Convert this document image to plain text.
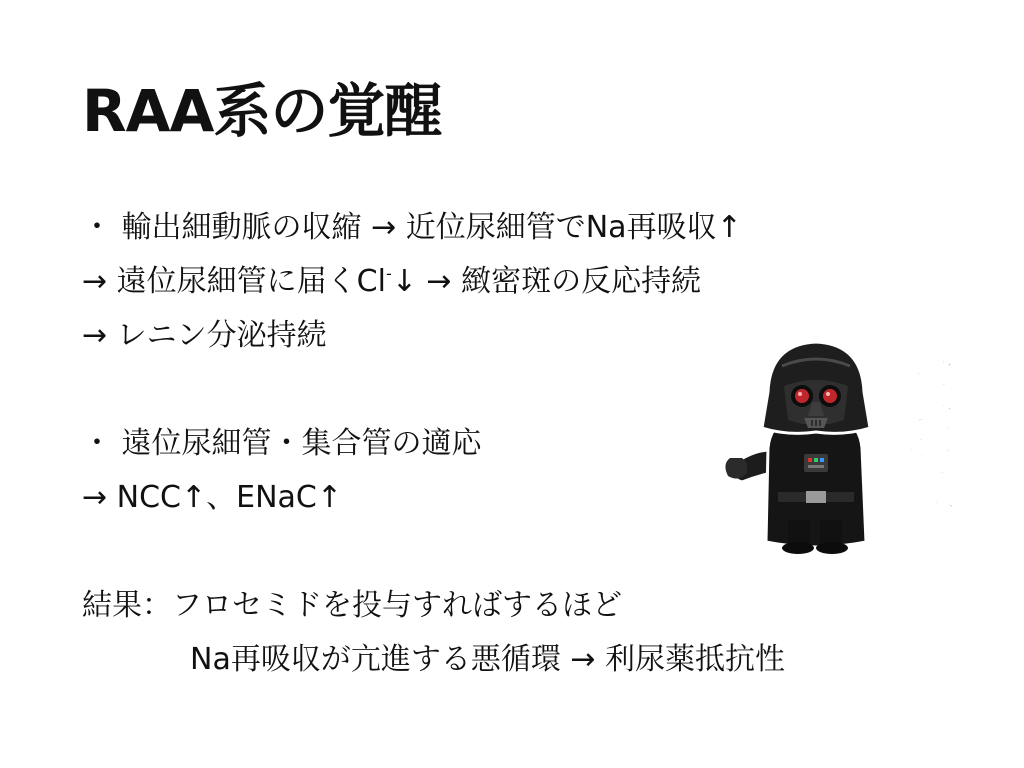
RAA系の覚醒
・ 輸出細動脈の収縮 → 近位尿細管でNa再吸収↑
→ 遠位尿細管に届くCl-↓ → 緻密斑の反応持続
→ レニン分泌持続
・ 遠位尿細管・集合管の適応
→ NCC↑、ENaC↑
結果：フロセミドを投与すればするほど
Na再吸収が亢進する悪循環 → 利尿薬抵抗性
ダークサイドへ
ようこそ
